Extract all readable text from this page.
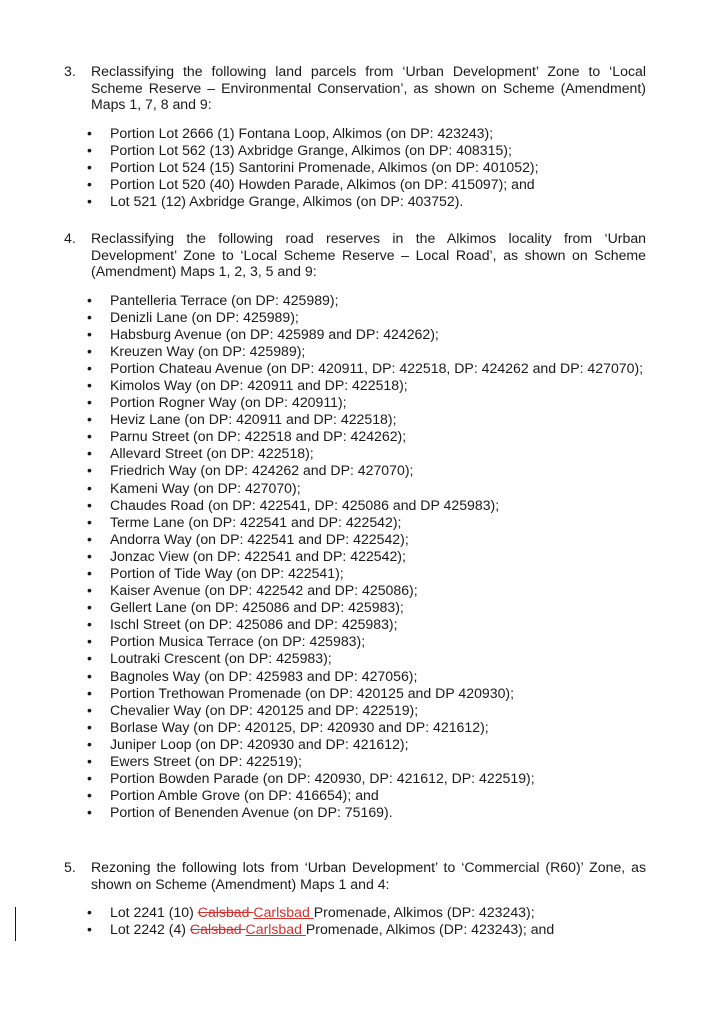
3. Reclassifying the following land parcels from ‘Urban Development’ Zone to ‘Local Scheme Reserve – Environmental Conservation’, as shown on Scheme (Amendment) Maps 1, 7, 8 and 9:
• Portion Lot 2666 (1) Fontana Loop, Alkimos (on DP: 423243);
• Portion Lot 562 (13) Axbridge Grange, Alkimos (on DP: 408315);
• Portion Lot 524 (15) Santorini Promenade, Alkimos (on DP: 401052);
• Portion Lot 520 (40) Howden Parade, Alkimos (on DP: 415097); and
• Lot 521 (12) Axbridge Grange, Alkimos (on DP: 403752).
4. Reclassifying the following road reserves in the Alkimos locality from ‘Urban Development’ Zone to ‘Local Scheme Reserve – Local Road’, as shown on Scheme (Amendment) Maps 1, 2, 3, 5 and 9:
• Pantelleria Terrace (on DP: 425989);
• Denizli Lane (on DP: 425989);
• Habsburg Avenue (on DP: 425989 and DP: 424262);
• Kreuzen Way (on DP: 425989);
• Portion Chateau Avenue (on DP: 420911, DP: 422518, DP: 424262 and DP: 427070);
• Kimolos Way (on DP: 420911 and DP: 422518);
• Portion Rogner Way (on DP: 420911);
• Heviz Lane (on DP: 420911 and DP: 422518);
• Parnu Street (on DP: 422518 and DP: 424262);
• Allevard Street (on DP: 422518);
• Friedrich Way (on DP: 424262 and DP: 427070);
• Kameni Way (on DP: 427070);
• Chaudes Road (on DP: 422541, DP: 425086 and DP 425983);
• Terme Lane (on DP: 422541 and DP: 422542);
• Andorra Way (on DP: 422541 and DP: 422542);
• Jonzac View (on DP: 422541 and DP: 422542);
• Portion of Tide Way (on DP: 422541);
• Kaiser Avenue (on DP: 422542 and DP: 425086);
• Gellert Lane (on DP: 425086 and DP: 425983);
• Ischl Street (on DP: 425086 and DP: 425983);
• Portion Musica Terrace (on DP: 425983);
• Loutraki Crescent (on DP: 425983);
• Bagnoles Way (on DP: 425983 and DP: 427056);
• Portion Trethowan Promenade (on DP: 420125 and DP 420930);
• Chevalier Way (on DP: 420125 and DP: 422519);
• Borlase Way (on DP: 420125, DP: 420930 and DP: 421612);
• Juniper Loop (on DP: 420930 and DP: 421612);
• Ewers Street (on DP: 422519);
• Portion Bowden Parade (on DP: 420930, DP: 421612, DP: 422519);
• Portion Amble Grove (on DP: 416654); and
• Portion of Benenden Avenue (on DP: 75169).
5. Rezoning the following lots from ‘Urban Development’ to ‘Commercial (R60)’ Zone, as shown on Scheme (Amendment) Maps 1 and 4:
• Lot 2241 (10) Calsbad Carlsbad Promenade, Alkimos (DP: 423243);
• Lot 2242 (4) Calsbad Carlsbad Promenade, Alkimos (DP: 423243); and
